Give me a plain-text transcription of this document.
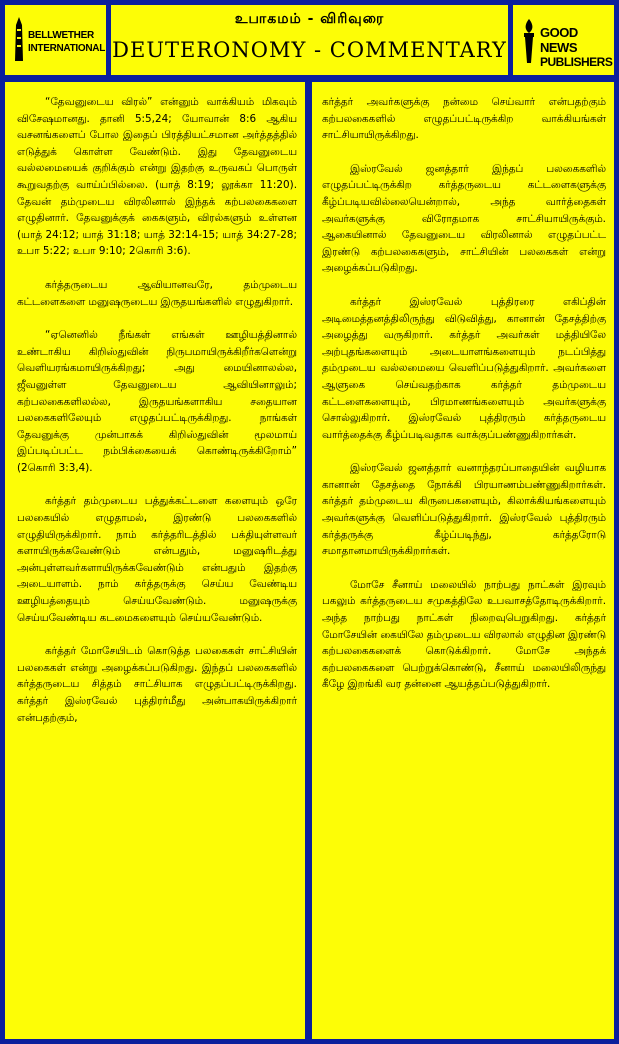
BELLWETHER
INTERNATIONAL
உபாகமம் - விரிவுரை
DEUTERONOMY - COMMENTARY
GOOD NEWS
PUBLISHERS

“தேவனுடைய விரல்” என்னும் வாக்கியம் மிகவும் விசேஷமானது. தானி 5:5,24; யோவான் 8:6 ஆகிய வசனங்களைப் போல இதைப் பிரத்தியட்சமான அர்த்தத்தில் எடுத்துக் கொள்ள வேண்டும். இது தேவனுடைய வல்லமையைக் குறிக்கும் என்று இதற்கு உருவகப் பொருள் கூறுவதற்கு வாய்ப்பில்லை. (யாத் 8:19; லூக்கா 11:20). தேவன் தம்முடைய விரலினால் இந்தக் கற்பலகைகளை எழுதினார். தேவனுக்குக் கைகளும், விரல்களும் உள்ளன (யாத் 24:12; யாத் 31:18; யாத் 32:14-15; யாத் 34:27-28; உபா 5:22; உபா 9:10; 2கொரி 3:6).

கர்த்தருடைய ஆவியானவரே, தம்முடைய கட்டளைகளை மனுஷருடைய இருதயங்களில் எழுதுகிறார்.

“ஏனெனில் நீங்கள் எங்கள் ஊழியத்தினால் உண்டாகிய கிறிஸ்துவின் நிருபமாயிருக்கிறீர்களென்று வெளியரங்கமாயிருக்கிறது; அது மையினாலல்ல, ஜீவனுள்ள தேவனுடைய ஆவியினாலும்; கற்பலகைகளிலல்ல, இருதயங்களாகிய சதையான பலகைகளிலேயும் எழுதப்பட்டிருக்கிறது. நாங்கள் தேவனுக்கு முன்பாகக் கிறிஸ்துவின் மூலமாய் இப்படிப்பட்ட நம்பிக்கையைக் கொண்டிருக்கிறோம்” (2கொரி 3:3,4).

கர்த்தர் தம்முடைய பத்துக்கட்டளை களையும் ஒரே பலகையில் எழுதாமல், இரண்டு பலகைகளில் எழுதியிருக்கிறார். நாம் கர்த்தரிடத்தில் பக்தியுள்ளவர் களாயிருக்கவேண்டும் என்பதும், மனுஷரிடத்து அன்புள்ளவர்களாயிருக்கவேண்டும் என்பதும் இதற்கு அடையாளம். நாம் கர்த்தருக்கு செய்ய வேண்டிய ஊழியத்தையும் செய்யவேண்டும். மனுஷருக்கு செய்யவேண்டிய கடமைகளையும் செய்யவேண்டும்.

கர்த்தர் மோசேயிடம் கொடுத்த பலகைகள் சாட்சியின் பலகைகள் என்று அழைக்கப்படுகிறது. இந்தப் பலகைகளில் கர்த்தருடைய சித்தம் சாட்சியாக எழுதப்பட்டிருக்கிறது. கர்த்தர் இஸ்ரவேல் புத்திரர்மீது அன்பாகயிருக்கிறார் என்பதற்கும்,

கர்த்தர் அவர்களுக்கு நன்மை செய்வார் என்பதற்கும் கற்பலகைகளில் எழுதப்பட்டிருக்கிற வாக்கியங்கள் சாட்சியாயிருக்கிறது.

இஸ்ரவேல் ஜனத்தார் இந்தப் பலகைகளில் எழுதப்பட்டிருக்கிற கர்த்தருடைய கட்டளைகளுக்கு கீழ்ப்படியவில்லையென்றால், அந்த வார்த்தைகள் அவர்களுக்கு விரோதமாக சாட்சியாயிருக்கும். ஆகையினால் தேவனுடைய விரலினால் எழுதப்பட்ட இரண்டு கற்பலகைகளும், சாட்சியின் பலகைகள் என்று அழைக்கப்படுகிறது.

கர்த்தர் இஸ்ரவேல் புத்திரரை எகிப்தின் அடிமைத்தனத்திலிருந்து விடுவித்து, கானான் தேசத்திற்கு அழைத்து வருகிறார். கர்த்தர் அவர்கள் மத்தியிலே அற்புதங்களையும் அடையாளங்களையும் நடப்பித்து தம்முடைய வல்லமையை வெளிப்படுத்துகிறார். அவர்களை ஆளுகை செய்வதற்காக கர்த்தர் தம்முடைய கட்டளைகளையும், பிரமாணங்களையும் அவர்களுக்கு சொல்லுகிறார். இஸ்ரவேல் புத்திரரும் கர்த்தருடைய வார்த்தைக்கு கீழ்ப்படிவதாக வாக்குப்பண்ணுகிறார்கள்.

இஸ்ரவேல் ஜனத்தார் வனாந்தரப்பாதையின் வழியாக கானான் தேசத்தை நோக்கி பிரயாணம்பண்ணுகிறார்கள். கர்த்தர் தம்முடைய கிருபைகளையும், கிலாக்கியங்களையும் அவர்களுக்கு வெளிப்படுத்துகிறார். இஸ்ரவேல் புத்திரரும் கர்த்தருக்கு கீழ்ப்படிந்து, கர்த்தரோடு சமாதானமாயிருக்கிறார்கள்.

மோசே சீனாய் மலையில் நாற்பது நாட்கள் இரவும் பகலும் கர்த்தருடைய சமுகத்திலே உபவாசத்தோடிருக்கிறார். அந்த நாற்பது நாட்கள் நிறைவுபெறுகிறது. கர்த்தர் மோசேயின் கையிலே தம்முடைய விரலால் எழுதின இரண்டு கற்பலகைகளைக் கொடுக்கிறார். மோசே அந்தக் கற்பலகைகளை பெற்றுக்கொண்டு, சீனாய் மலையிலிருந்து கீழே இறங்கி வர தன்னை ஆயத்தப்படுத்துகிறார்.
